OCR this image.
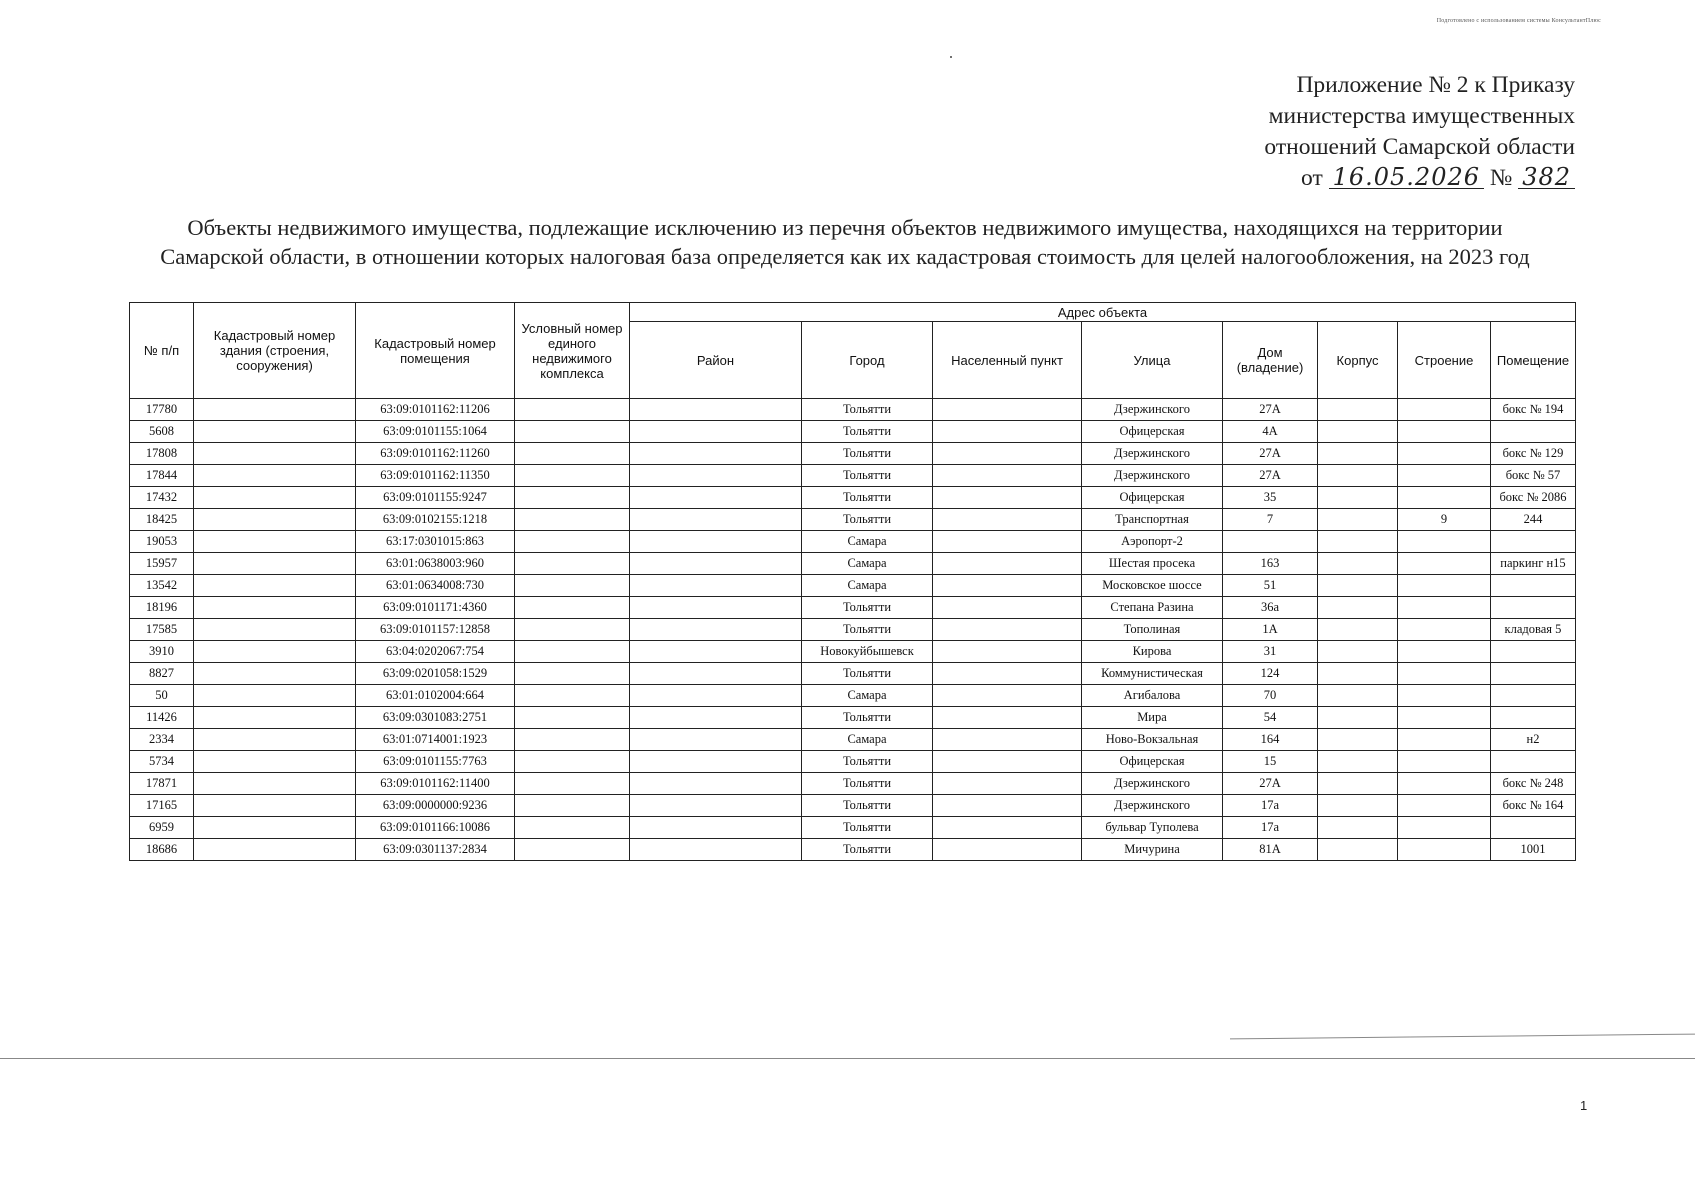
Подготовлено с использованием системы КонсультантПлюс
Приложение № 2 к Приказу
министерства имущественных
отношений Самарской области
от 16.05.2026 № 382
Объекты недвижимого имущества, подлежащие исключению из перечня объектов недвижимого имущества, находящихся на территории Самарской области, в отношении которых налоговая база определяется как их кадастровая стоимость для целей налогообложения, на 2023 год
№ п/п	Кадастровый номер здания (строения, сооружения)	Кадастровый номер помещения	Условный номер единого недвижимого комплекса	Адрес объекта							
				Район	Город	Населенный пункт	Улица	Дом (владение)	Корпус	Строение	Помещение
17780		63:09:0101162:11206			Тольятти		Дзержинского	27А			бокс № 194
5608		63:09:0101155:1064			Тольятти		Офицерская	4А			
17808		63:09:0101162:11260			Тольятти		Дзержинского	27А			бокс № 129
17844		63:09:0101162:11350			Тольятти		Дзержинского	27А			бокс № 57
17432		63:09:0101155:9247			Тольятти		Офицерская	35			бокс № 2086
18425		63:09:0102155:1218			Тольятти		Транспортная	7		9	244
19053		63:17:0301015:863			Самара		Аэропорт-2				
15957		63:01:0638003:960			Самара		Шестая просека	163			паркинг н15
13542		63:01:0634008:730			Самара		Московское шоссе	51			
18196		63:09:0101171:4360			Тольятти		Степана Разина	36а			
17585		63:09:0101157:12858			Тольятти		Тополиная	1А			кладовая 5
3910		63:04:0202067:754			Новокуйбышевск		Кирова	31			
8827		63:09:0201058:1529			Тольятти		Коммунистическая	124			
50		63:01:0102004:664			Самара		Агибалова	70			
11426		63:09:0301083:2751			Тольятти		Мира	54			
2334		63:01:0714001:1923			Самара		Ново-Вокзальная	164			н2
5734		63:09:0101155:7763			Тольятти		Офицерская	15			
17871		63:09:0101162:11400			Тольятти		Дзержинского	27А			бокс № 248
17165		63:09:0000000:9236			Тольятти		Дзержинского	17а			бокс № 164
6959		63:09:0101166:10086			Тольятти		бульвар Туполева	17а			
18686		63:09:0301137:2834			Тольятти		Мичурина	81А			1001
1
